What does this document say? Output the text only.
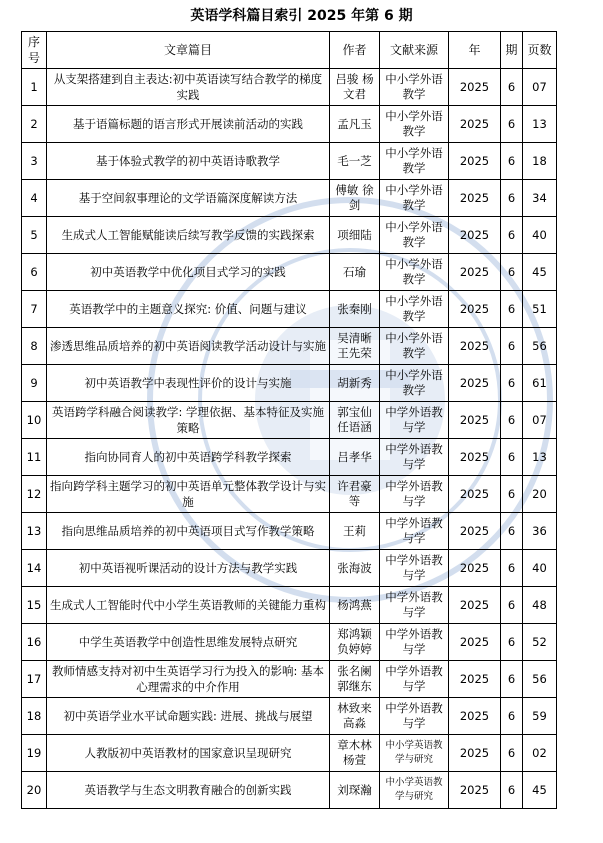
英语学科篇目索引 2025 年第 6 期
序号	文章篇目	作者	文献来源	年	期	页数
1	从支架搭建到自主表达:初中英语读写结合教学的梯度实践	吕骏 杨文君	中小学外语教学	2025	6	07
2	基于语篇标题的语言形式开展读前活动的实践	孟凡玉	中小学外语教学	2025	6	13
3	基于体验式教学的初中英语诗歌教学	毛一芝	中小学外语教学	2025	6	18
4	基于空间叙事理论的文学语篇深度解读方法	傅敏 徐剑	中小学外语教学	2025	6	34
5	生成式人工智能赋能读后续写教学反馈的实践探索	项细陆	中小学外语教学	2025	6	40
6	初中英语教学中优化项目式学习的实践	石瑜	中小学外语教学	2025	6	45
7	英语教学中的主题意义探究: 价值、问题与建议	张秦刚	中小学外语教学	2025	6	51
8	渗透思维品质培养的初中英语阅读教学活动设计与实施	吴清晰 王先荣	中小学外语教学	2025	6	56
9	初中英语教学中表现性评价的设计与实施	胡新秀	中小学外语教学	2025	6	61
10	英语跨学科融合阅读教学: 学理依据、基本特征及实施策略	郭宝仙 任语涵	中学外语教与学	2025	6	07
11	指向协同育人的初中英语跨学科教学探索	吕孝华	中学外语教与学	2025	6	13
12	指向跨学科主题学习的初中英语单元整体教学设计与实施	许君豪 等	中学外语教与学	2025	6	20
13	指向思维品质培养的初中英语项目式写作教学策略	王莉	中学外语教与学	2025	6	36
14	初中英语视听课活动的设计方法与教学实践	张海波	中学外语教与学	2025	6	40
15	生成式人工智能时代中小学生英语教师的关键能力重构	杨鸿燕	中学外语教与学	2025	6	48
16	中学生英语教学中创造性思维发展特点研究	郑鸿颖 负婷婷	中学外语教与学	2025	6	52
17	教师情感支持对初中生英语学习行为投入的影响: 基本心理需求的中介作用	张名阑 郭继东	中学外语教与学	2025	6	56
18	初中英语学业水平试命题实践: 进展、挑战与展望	林致来 高淼	中学外语教与学	2025	6	59
19	人教版初中英语教材的国家意识呈现研究	章木林 杨萱	中小学英语教学与研究	2025	6	02
20	英语教学与生态文明教育融合的创新实践	刘琛瀚	中小学英语教学与研究	2025	6	45
